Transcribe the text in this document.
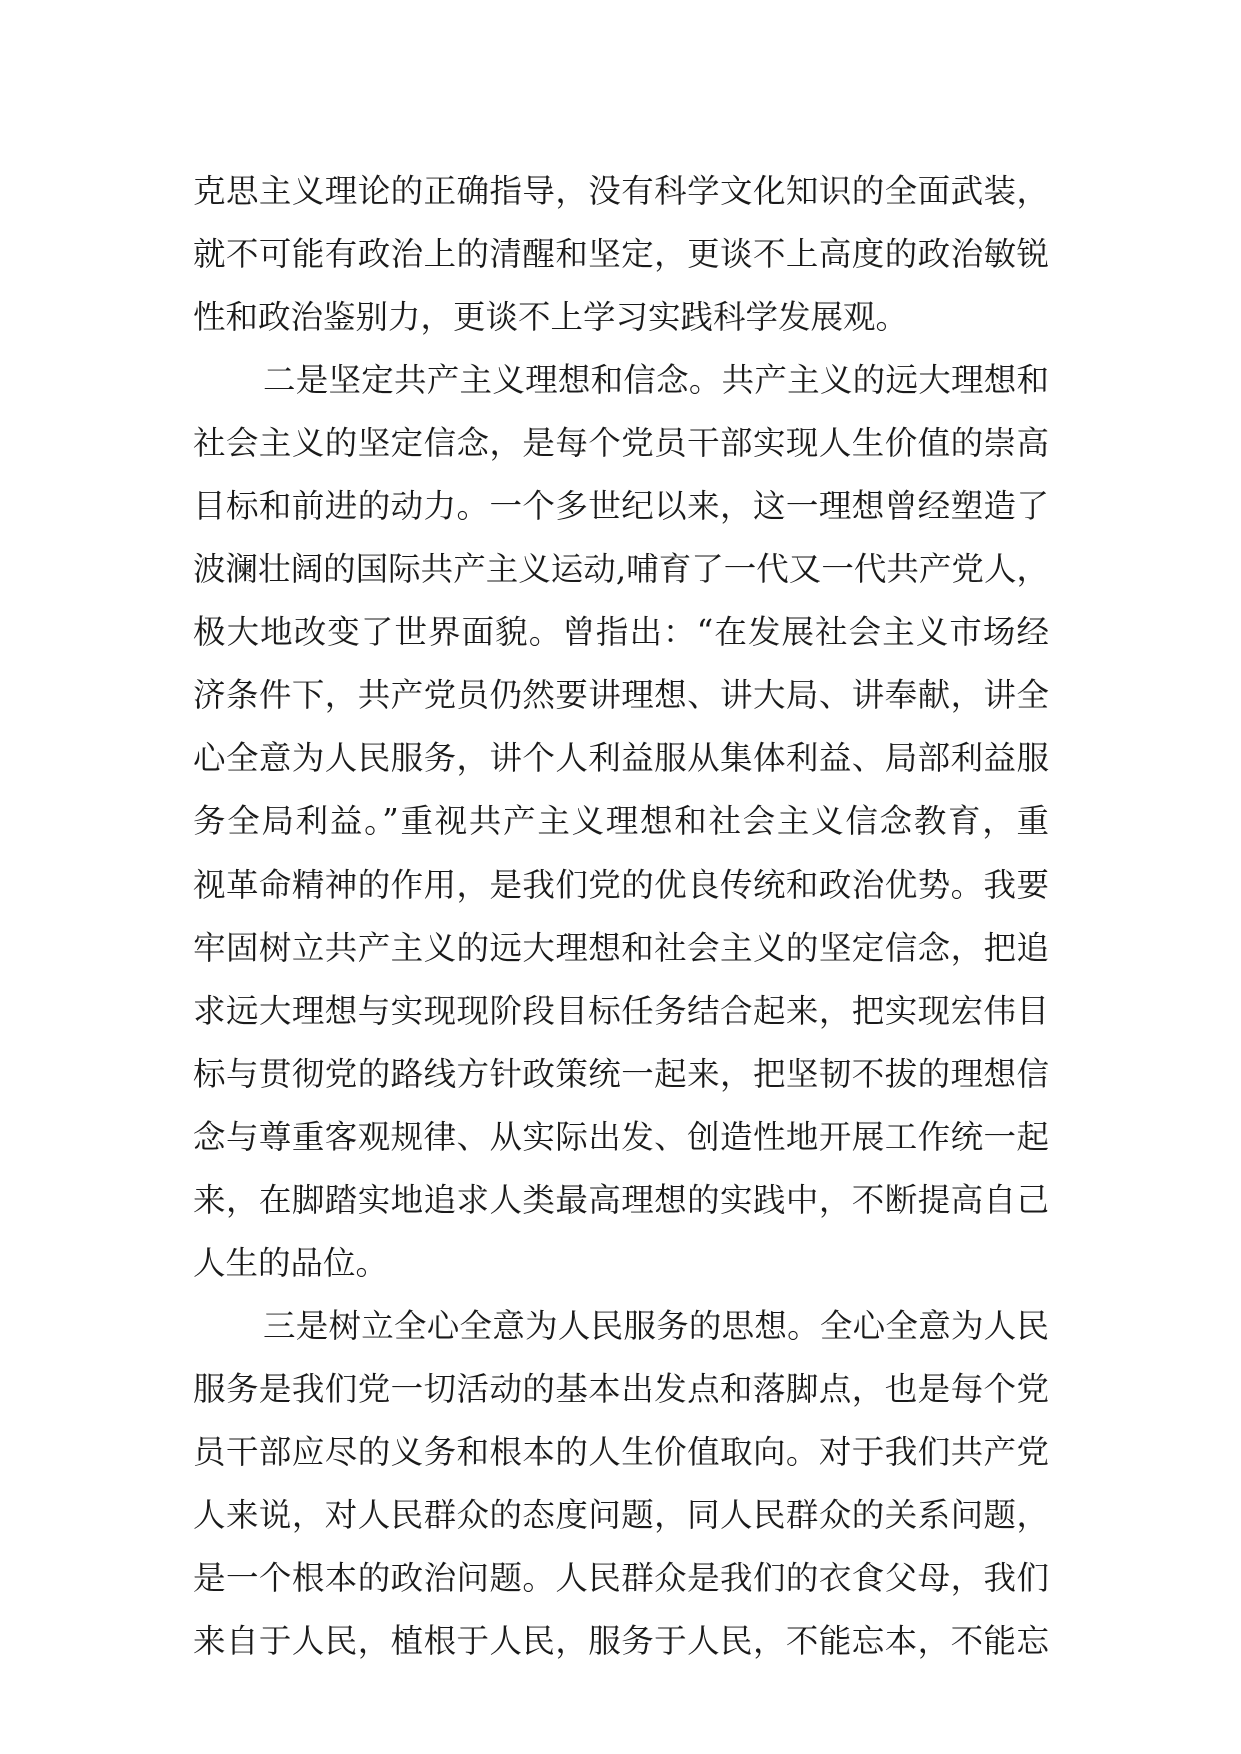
克思主义理论的正确指导，没有科学文化知识的全面武装，
就不可能有政治上的清醒和坚定，更谈不上高度的政治敏锐
性和政治鉴别力，更谈不上学习实践科学发展观。
二是坚定共产主义理想和信念。共产主义的远大理想和
社会主义的坚定信念，是每个党员干部实现人生价值的崇高
目标和前进的动力。一个多世纪以来，这一理想曾经塑造了
波澜壮阔的国际共产主义运动,哺育了一代又一代共产党人，
极大地改变了世界面貌。曾指出：“在发展社会主义市场经
济条件下，共产党员仍然要讲理想、讲大局、讲奉献，讲全
心全意为人民服务，讲个人利益服从集体利益、局部利益服
务全局利益。”重视共产主义理想和社会主义信念教育，重
视革命精神的作用，是我们党的优良传统和政治优势。我要
牢固树立共产主义的远大理想和社会主义的坚定信念，把追
求远大理想与实现现阶段目标任务结合起来，把实现宏伟目
标与贯彻党的路线方针政策统一起来，把坚韧不拔的理想信
念与尊重客观规律、从实际出发、创造性地开展工作统一起
来，在脚踏实地追求人类最高理想的实践中，不断提高自己
人生的品位。
三是树立全心全意为人民服务的思想。全心全意为人民
服务是我们党一切活动的基本出发点和落脚点，也是每个党
员干部应尽的义务和根本的人生价值取向。对于我们共产党
人来说，对人民群众的态度问题，同人民群众的关系问题，
是一个根本的政治问题。人民群众是我们的衣食父母，我们
来自于人民，植根于人民，服务于人民，不能忘本，不能忘
